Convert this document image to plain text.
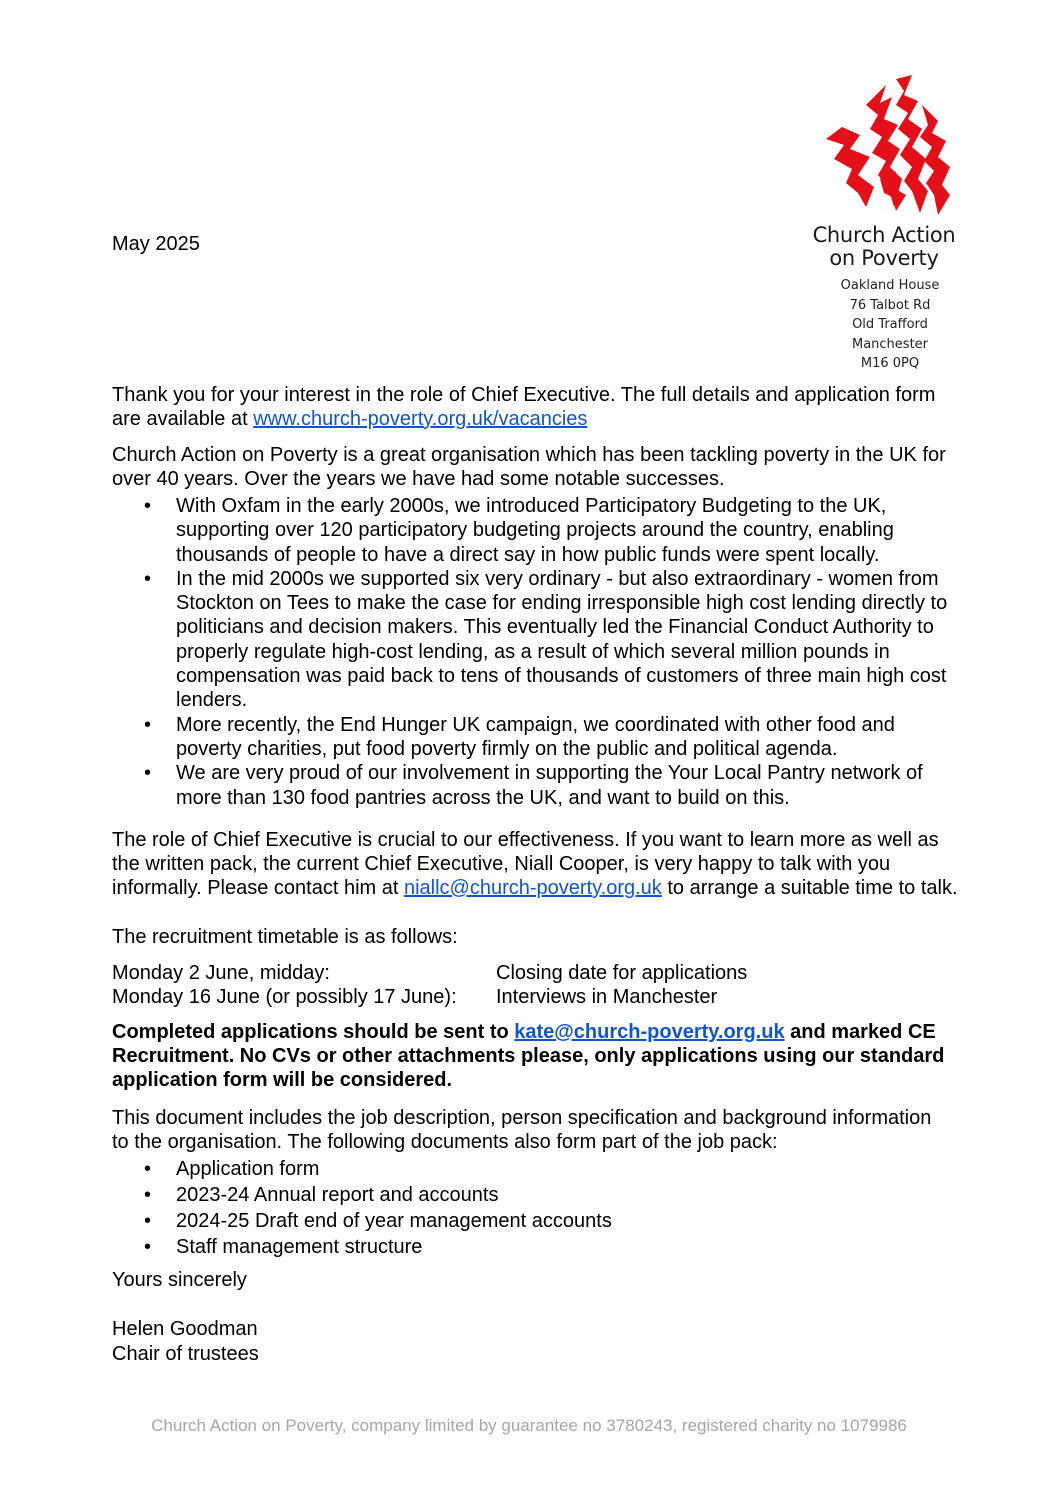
Church Action
on Poverty
Oakland House
76 Talbot Rd
Old Trafford
Manchester
M16 0PQ
May 2025
Thank you for your interest in the role of Chief Executive. The full details and application form are available at www.church-poverty.org.uk/vacancies
Church Action on Poverty is a great organisation which has been tackling poverty in the UK for over 40 years. Over the years we have had some notable successes.
• With Oxfam in the early 2000s, we introduced Participatory Budgeting to the UK, supporting over 120 participatory budgeting projects around the country, enabling thousands of people to have a direct say in how public funds were spent locally.
• In the mid 2000s we supported six very ordinary - but also extraordinary - women from Stockton on Tees to make the case for ending irresponsible high cost lending directly to politicians and decision makers. This eventually led the Financial Conduct Authority to properly regulate high-cost lending, as a result of which several million pounds in compensation was paid back to tens of thousands of customers of three main high cost lenders.
• More recently, the End Hunger UK campaign, we coordinated with other food and poverty charities, put food poverty firmly on the public and political agenda.
• We are very proud of our involvement in supporting the Your Local Pantry network of more than 130 food pantries across the UK, and want to build on this.
The role of Chief Executive is crucial to our effectiveness. If you want to learn more as well as the written pack, the current Chief Executive, Niall Cooper, is very happy to talk with you informally. Please contact him at niallc@church-poverty.org.uk to arrange a suitable time to talk.
The recruitment timetable is as follows:
Monday 2 June, midday:	Closing date for applications
Monday 16 June (or possibly 17 June):	Interviews in Manchester
Completed applications should be sent to kate@church-poverty.org.uk and marked CE Recruitment. No CVs or other attachments please, only applications using our standard application form will be considered.
This document includes the job description, person specification and background information to the organisation. The following documents also form part of the job pack:
• Application form
• 2023-24 Annual report and accounts
• 2024-25 Draft end of year management accounts
• Staff management structure
Yours sincerely
Helen Goodman
Chair of trustees
Church Action on Poverty, company limited by guarantee no 3780243, registered charity no 1079986
